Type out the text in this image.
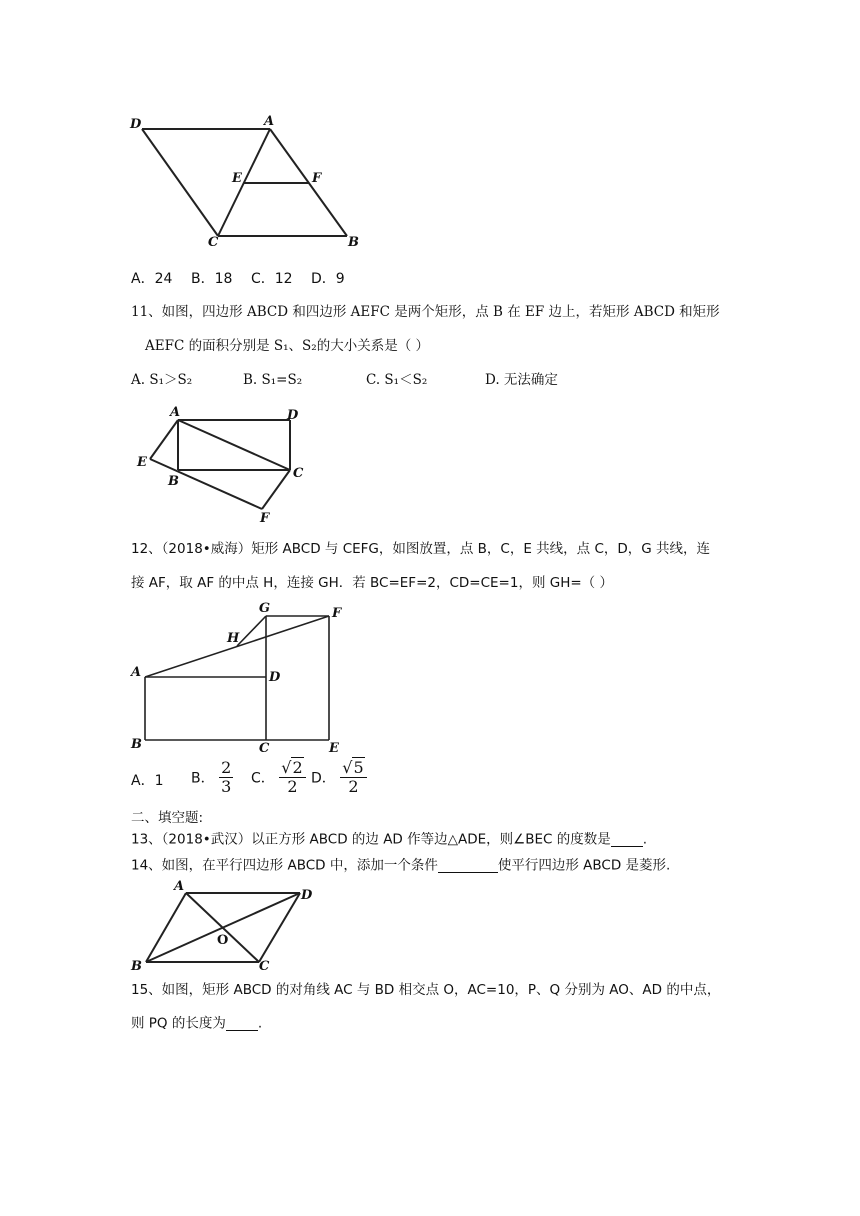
D	A
E	F
C	B
A．24 B．18 C．12 D．9
11、如图，四边形 ABCD 和四边形 AEFC 是两个矩形，点 B 在 EF 边上，若矩形 ABCD 和矩形
AEFC 的面积分别是 S₁、S₂的大小关系是（ ）
A. S₁＞S₂	B. S₁=S₂	C. S₁＜S₂	D. 无法确定
A	D
E
B
C
F
12、（2018•威海）矩形 ABCD 与 CEFG，如图放置，点 B，C，E 共线，点 C，D，G 共线，连
接 AF，取 AF 的中点 H，连接 GH．若 BC=EF=2，CD=CE=1，则 GH=（ ）
G	F
H
A	D
B	C	E
A．1 B． $\frac{2}{3}$ C． $\frac{√2}{2}$ D． $\frac{√5}{2}$
二、填空题:
13、（2018•武汉）以正方形 ABCD 的边 AD 作等边△ADE，则∠BEC 的度数是 .
14、如图，在平行四边形 ABCD 中，添加一个条件	使平行四边形 ABCD 是菱形.
A
D
O
B	C
15、如图，矩形 ABCD 的对角线 AC 与 BD 相交点 O，AC=10，P、Q 分别为 AO、AD 的中点，
则 PQ 的长度为 .
